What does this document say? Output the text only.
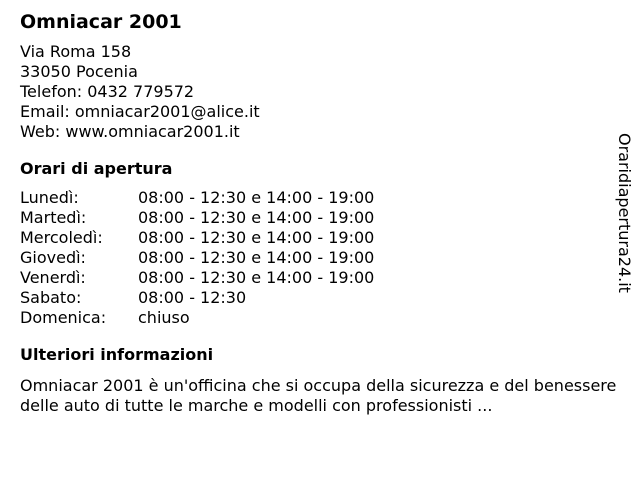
Omniacar 2001
Via Roma 158
33050 Pocenia
Telefon: 0432 779572
Email: omniacar2001@alice.it
Web: www.omniacar2001.it
Orari di apertura
Lunedì:	08:00 - 12:30 e 14:00 - 19:00
Martedì:	08:00 - 12:30 e 14:00 - 19:00
Mercoledì:	08:00 - 12:30 e 14:00 - 19:00
Giovedì:	08:00 - 12:30 e 14:00 - 19:00
Venerdì:	08:00 - 12:30 e 14:00 - 19:00
Sabato:	08:00 - 12:30
Domenica:	chiuso
Ulteriori informazioni
Omniacar 2001 è un'officina che si occupa della sicurezza e del benessere delle auto di tutte le marche e modelli con professionisti ...
Oraridiapertura24.it
